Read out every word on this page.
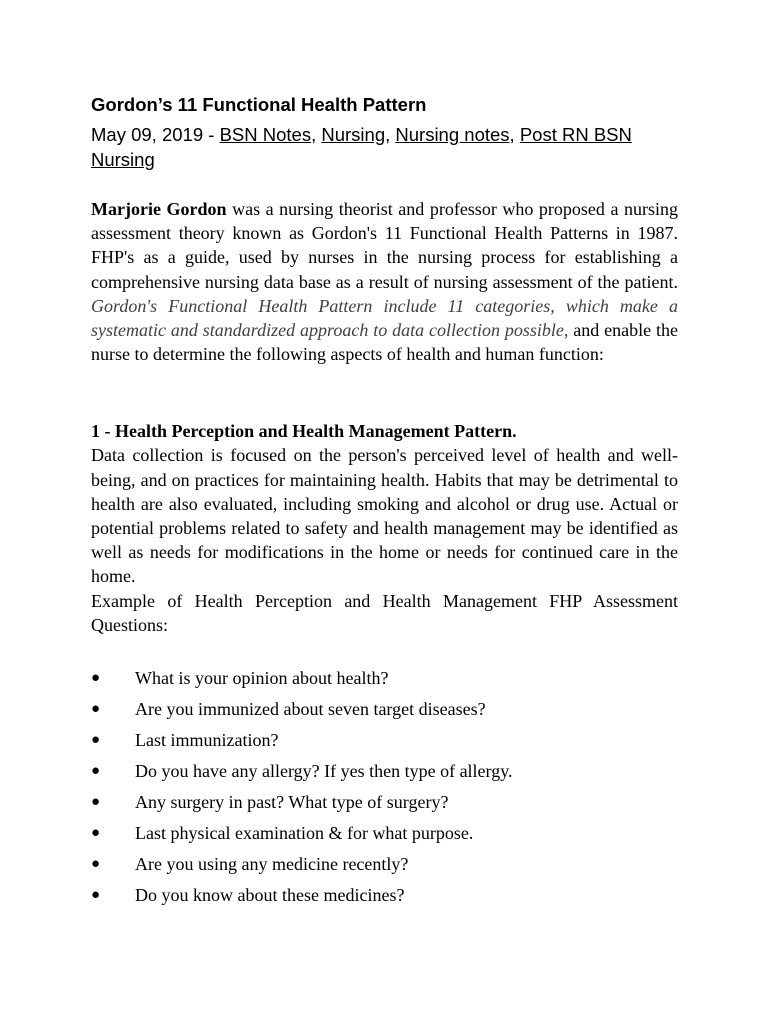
Gordon’s 11 Functional Health Pattern
May 09, 2019 - BSN Notes, Nursing, Nursing notes, Post RN BSN Nursing

Marjorie Gordon was a nursing theorist and professor who proposed a nursing assessment theory known as Gordon's 11 Functional Health Patterns in 1987. FHP's as a guide, used by nurses in the nursing process for establishing a comprehensive nursing data base as a result of nursing assessment of the patient. Gordon's Functional Health Pattern include 11 categories, which make a systematic and standardized approach to data collection possible, and enable the nurse to determine the following aspects of health and human function:

1 - Health Perception and Health Management Pattern.

Data collection is focused on the person's perceived level of health and well-being, and on practices for maintaining health. Habits that may be detrimental to health are also evaluated, including smoking and alcohol or drug use. Actual or potential problems related to safety and health management may be identified as well as needs for modifications in the home or needs for continued care in the home.

Example of Health Perception and Health Management FHP Assessment Questions:

● What is your opinion about health?
● Are you immunized about seven target diseases?
● Last immunization?
● Do you have any allergy? If yes then type of allergy.
● Any surgery in past? What type of surgery?
● Last physical examination & for what purpose.
● Are you using any medicine recently?
● Do you know about these medicines?
